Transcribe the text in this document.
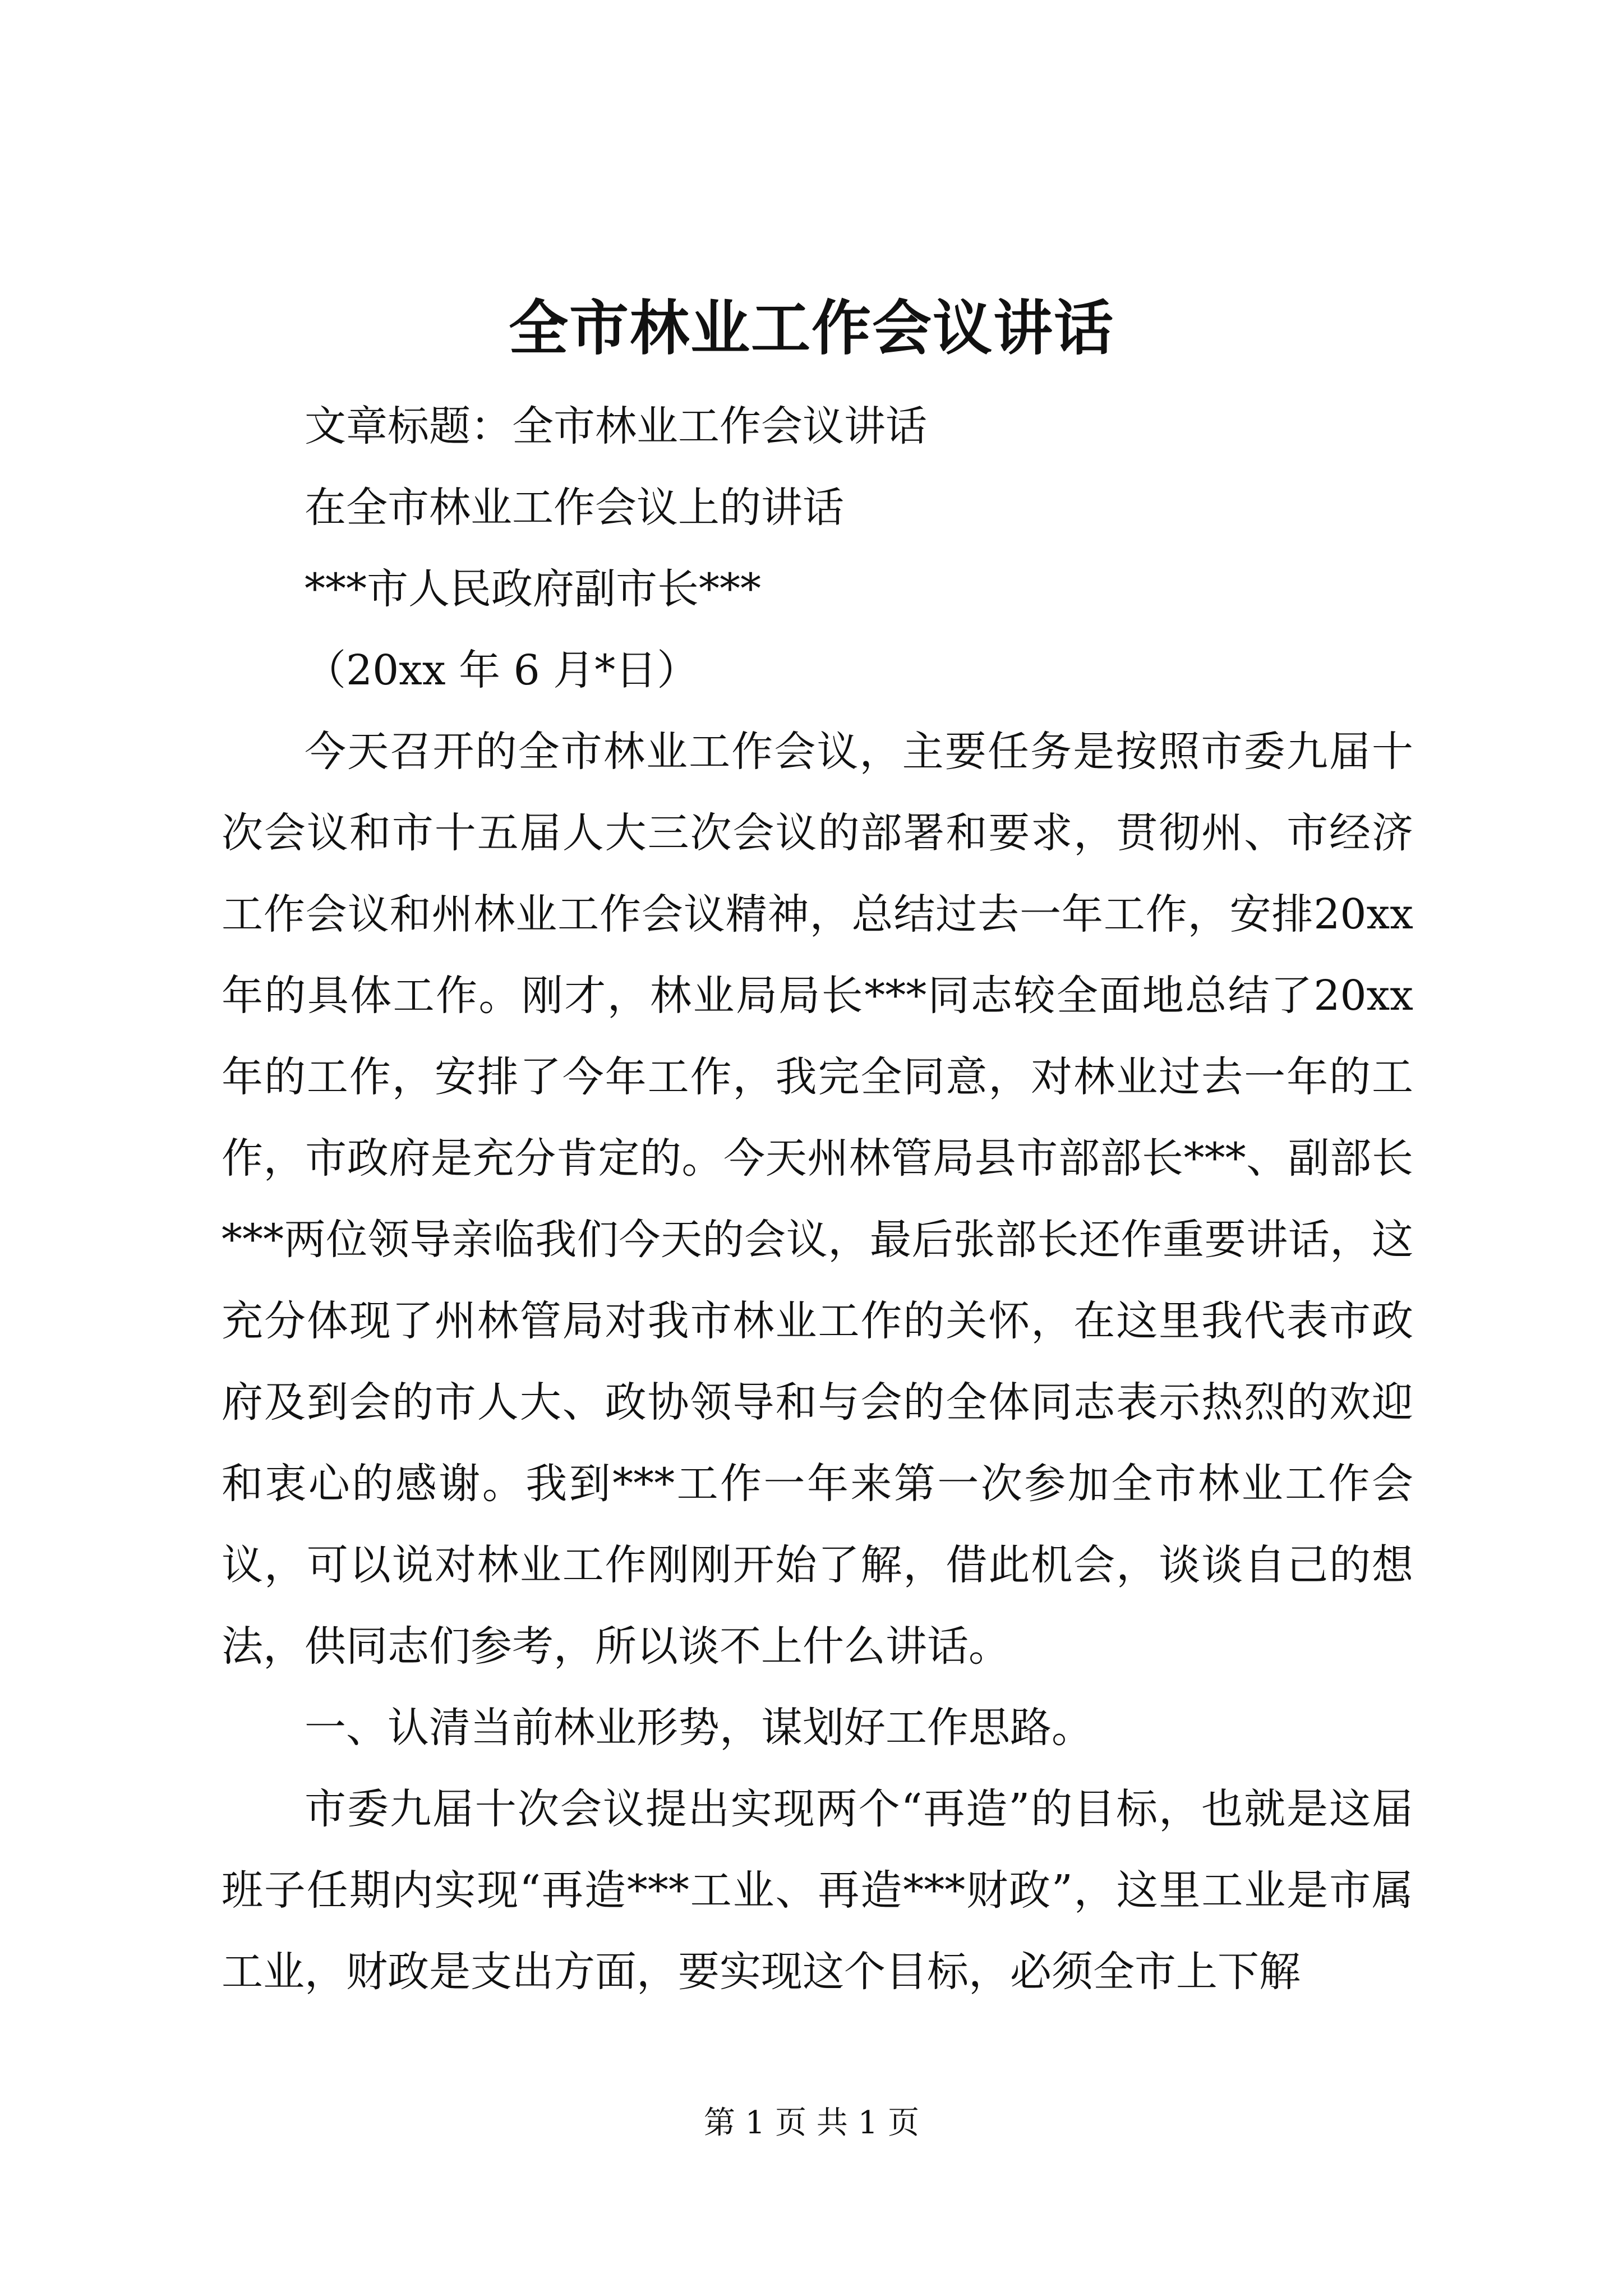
全市林业工作会议讲话

文章标题：全市林业工作会议讲话

在全市林业工作会议上的讲话

***市人民政府副市长***

（20xx 年 6 月*日）

今天召开的全市林业工作会议，主要任务是按照市委九届十次会议和市十五届人大三次会议的部署和要求，贯彻州、市经济工作会议和州林业工作会议精神，总结过去一年工作，安排20xx年的具体工作。刚才，林业局局长***同志较全面地总结了20xx年的工作，安排了今年工作，我完全同意，对林业过去一年的工作，市政府是充分肯定的。今天州林管局县市部部长***、副部长***两位领导亲临我们今天的会议，最后张部长还作重要讲话，这充分体现了州林管局对我市林业工作的关怀，在这里我代表市政府及到会的市人大、政协领导和与会的全体同志表示热烈的欢迎和衷心的感谢。我到***工作一年来第一次参加全市林业工作会议，可以说对林业工作刚刚开始了解，借此机会，谈谈自己的想法，供同志们参考，所以谈不上什么讲话。

一、认清当前林业形势，谋划好工作思路。

市委九届十次会议提出实现两个“再造”的目标，也就是这届班子任期内实现“再造***工业、再造***财政”，这里工业是市属工业，财政是支出方面，要实现这个目标，必须全市上下解

第 1 页 共 1 页
